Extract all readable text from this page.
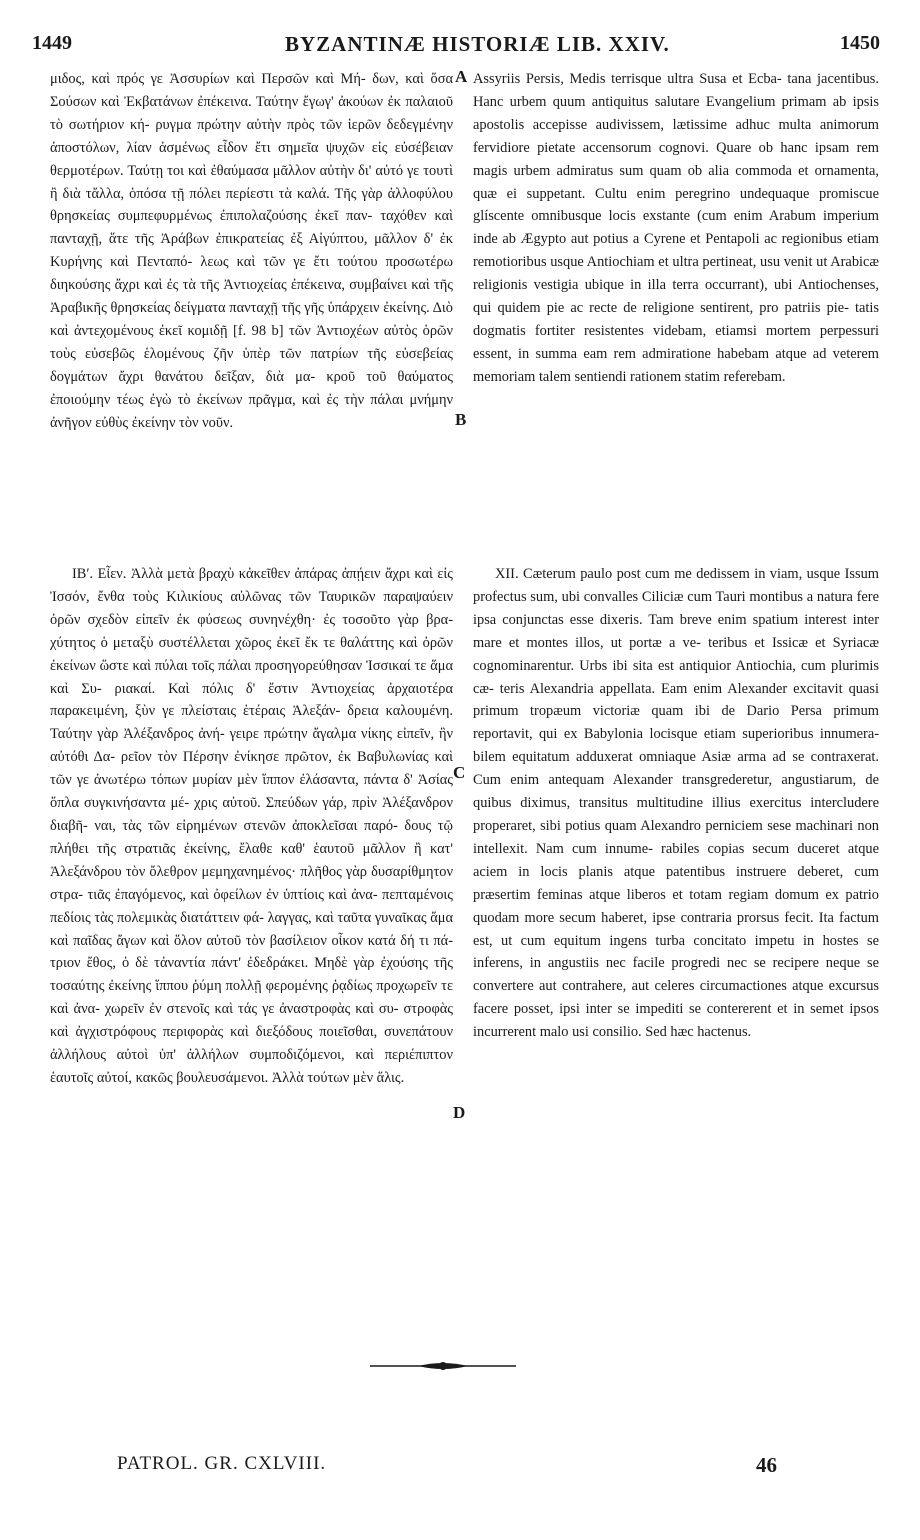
1449	BYZANTINÆ HISTORIÆ LIB. XXIV.	1450

μιδος, καὶ πρός γε Ἀσσυρίων καὶ Περσῶν καὶ Μή- δων, καὶ ὅσα Σούσων καὶ Ἐκβατάνων ἐπέκεινα. Ταύτην ἔγωγ' ἀκούων ἐκ παλαιοῦ τὸ σωτήριον κή- ρυγμα πρώτην αὐτὴν πρὸς τῶν ἱερῶν δεδεγμένην ἀποστόλων, λίαν ἀσμένως εἶδον ἔτι σημεῖα ψυχῶν εἰς εὐσέβειαν θερμοτέρων. Ταύτῃ τοι καὶ ἐθαύμασα μᾶλλον αὐτὴν δι' αὐτό γε τουτὶ ἢ διὰ τἄλλα, ὁπόσα τῇ πόλει περίεστι τὰ καλά. Τῆς γὰρ ἀλλοφύλου θρησκείας συμπεφυρμένως ἐπιπολαζούσης ἐκεῖ παν- ταχόθεν καὶ πανταχῇ, ἅτε τῆς Ἀράβων ἐπικρατείας ἐξ Αἰγύπτου, μᾶλλον δ' ἐκ Κυρήνης καὶ Πενταπό- λεως καὶ τῶν γε ἔτι τούτου προσωτέρω διηκούσης ἄχρι καὶ ἐς τὰ τῆς Ἀντιοχείας ἐπέκεινα, συμβαίνει καὶ τῆς Ἀραβικῆς θρησκείας δείγματα πανταχῇ τῆς γῆς ὑπάρχειν ἐκείνης. Διὸ καὶ ἀντεχομένους ἐκεῖ κομιδῇ [f. 98 b] τῶν Ἀντιοχέων αὐτὸς ὁρῶν τοὺς εὐσεβῶς ἑλομένους ζῆν ὑπὲρ τῶν πατρίων τῆς εὐσεβείας δογμάτων ἄχρι θανάτου δεῖξαν, διὰ μα- κροῦ τοῦ θαύματος ἐποιούμην τέως ἐγὼ τὸ ἐκείνων πρᾶγμα, καὶ ἐς τὴν πάλαι μνήμην ἀνῆγον εὐθὺς ἐκείνην τὸν νοῦν.

ΙΒʹ. Εἶεν. Ἀλλὰ μετὰ βραχὺ κἀκεῖθεν ἀπάρας ἀπῄειν ἄχρι καὶ εἰς Ἰσσόν, ἔνθα τοὺς Κιλικίους αὐλῶνας τῶν Ταυρικῶν παραψαύειν ὀρῶν σχεδὸν εἰπεῖν ἐκ φύσεως συνηνέχθη· ἐς τοσοῦτο γὰρ βρα- χύτητος ὁ μεταξὺ συστέλλεται χῶρος ἐκεῖ ἔκ τε θαλάττης καὶ ὀρῶν ἐκείνων ὥστε καὶ πύλαι τοῖς πάλαι προσηγορεύθησαν Ἰσσικαί τε ἅμα καὶ Συ- ριακαί. Καὶ πόλις δ' ἔστιν Ἀντιοχείας ἀρχαιοτέρα παρακειμένη, ξὺν γε πλείσταις ἑτέραις Ἀλεξάν- δρεια καλουμένη. Ταύτην γὰρ Ἀλέξανδρος ἀνή- γειρε πρώτην ἄγαλμα νίκης εἰπεῖν, ἣν αὐτόθι Δα- ρεῖον τὸν Πέρσην ἐνίκησε πρῶτον, ἐκ Βαβυλωνίας καὶ τῶν γε ἀνωτέρω τόπων μυρίαν μὲν ἵππον ἐλάσαντα, πάντα δ' Ἀσίας ὅπλα συγκινήσαντα μέ- χρις αὐτοῦ. Σπεύδων γάρ, πρὶν Ἀλέξανδρον διαβῆ- ναι, τὰς τῶν εἰρημένων στενῶν ἀποκλεῖσαι παρό- δους τῷ πλήθει τῆς στρατιᾶς ἐκείνης, ἔλαθε καθ' ἑαυτοῦ μᾶλλον ἢ κατ' Ἀλεξάνδρου τὸν ὄλεθρον μεμηχανημένος· πλῆθος γὰρ δυσαρίθμητον στρα- τιᾶς ἐπαγόμενος, καὶ ὀφείλων ἐν ὑπτίοις καὶ ἀνα- πεπταμένοις πεδίοις τὰς πολεμικὰς διατάττειν φά- λαγγας, καὶ ταῦτα γυναῖκας ἅμα καὶ παῖδας ἄγων καὶ ὅλον αὐτοῦ τὸν βασίλειον οἶκον κατά δή τι πά- τριον ἔθος, ὁ δὲ τἀναντία πάντ' ἐδεδράκει. Μηδὲ γὰρ ἐχούσης τῆς τοσαύτης ἐκείνης ἵππου ῥύμη πολλῇ φερομένης ῥᾳδίως προχωρεῖν τε καὶ ἀνα- χωρεῖν ἐν στενοῖς καὶ τάς γε ἀναστροφὰς καὶ συ- στροφὰς καὶ ἀγχιστρόφους περιφορὰς καὶ διεξόδους ποιεῖσθαι, συνεπάτουν ἀλλήλους αὐτοὶ ὑπ' ἀλλήλων συμποδιζόμενοι, καὶ περιέπιπτον ἑαυτοῖς αὐτοί, κακῶς βουλευσάμενοι. Ἀλλὰ τούτων μὲν ἅλις.

Assyriis Persis, Medis terrisque ultra Susa et Ecba- tana jacentibus. Hanc urbem quum antiquitus salutare Evangelium primam ab ipsis apostolis accepisse audivissem, lætissime adhuc multa animorum fervidiore pietate accensorum cognovi. Quare ob hanc ipsam rem magis urbem admiratus sum quam ob alia commoda et ornamenta, quæ ei suppetant. Cultu enim peregrino undequaque promiscue glíscente omnibusque locis exstante (cum enim Arabum imperium inde ab Ægypto aut potius a Cyrene et Pentapoli ac regionibus etiam remotioribus usque Antiochiam et ultra pertineat, usu venit ut Arabicæ religionis vestigia ubique in illa terra occurrant), ubi Antiochenses, qui quidem pie ac recte de religione sentirent, pro patriis pie- tatis dogmatis fortiter resistentes videbam, etiamsi mortem perpessuri essent, in summa eam rem admiratione habebam atque ad veterem memoriam talem sentiendi rationem statim referebam.

XII. Cæterum paulo post cum me dedissem in viam, usque Issum profectus sum, ubi convalles Ciliciæ cum Tauri montibus a natura fere ipsa conjunctas esse dixeris. Tam breve enim spatium interest inter mare et montes illos, ut portæ a ve- teribus et Issicæ et Syriacæ cognominarentur. Urbs ibi sita est antiquior Antiochia, cum plurimis cæ- teris Alexandria appellata. Eam enim Alexander excitavit quasi primum tropæum victoriæ quam ibi de Dario Persa primum reportavit, qui ex Babylonia locisque etiam superioribus innumera- bilem equitatum adduxerat omniaque Asiæ arma ad se contraxerat. Cum enim antequam Alexander transgrederetur, angustiarum, de quibus diximus, transitus multitudine illius exercitus intercludere properaret, sibi potius quam Alexandro perniciem sese machinari non intellexit. Nam cum innume- rabiles copias secum duceret atque aciem in locis planis atque patentibus instruere deberet, cum præsertim feminas atque liberos et totam regiam domum ex patrio quodam more secum haberet, ipse contraria prorsus fecit. Ita factum est, ut cum equitum ingens turba concitato impetu in hostes se inferens, in angustiis nec facile progredi nec se recipere neque se convertere aut contrahere, aut celeres circumactiones atque excursus facere posset, ipsi inter se impediti se contererent et in semet ipsos incurrerent malo usi consilio. Sed hæc hactenus.

A
B
C
D
PATROL. GR. CXLVIII.	46
